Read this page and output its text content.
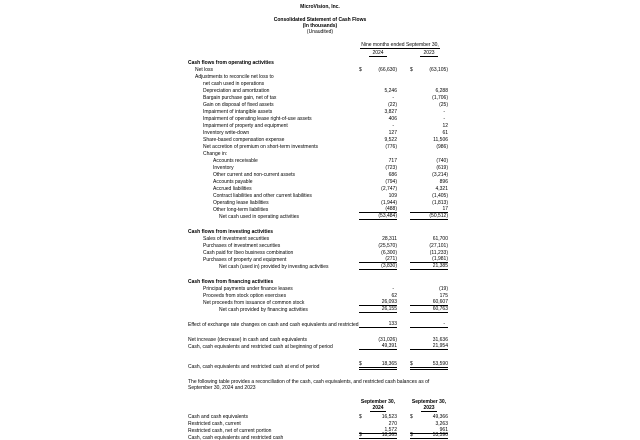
MicroVision, Inc.
Consolidated Statement of Cash Flows
(In thousands)
(Unaudited)
Nine months ended September 30,
2024	2023
Cash flows from operating activities
Net loss	$	(66,630)	$	(63,105)
Adjustments to reconcile net loss to
net cash used in operations
Depreciation and amortization	5,246	6,288
Bargain purchase gain, net of tax	-	(1,706)
Gain on disposal of fixed assets	(22)	(25)
Impairment of intangible assets	3,827	-
Impairment of operating lease right-of-use assets	406	-
Impairment of property and equipment	-	12
Inventory write-down	127	61
Share-based compensation expense	9,522	11,506
Net accretion of premium on short-term investments	(776)	(986)
Change in:
Accounts receivable	717	(740)
Inventory	(723)	(619)
Other current and non-current assets	686	(3,214)
Accounts payable	(794)	896
Accrued liabilities	(2,747)	4,321
Contract liabilities and other current liabilities	109	(1,405)
Operating lease liabilities	(1,944)	(1,813)
Other long-term liabilities	(488)	17
Net cash used in operating activities	(53,484)	(50,512)
Cash flows from investing activities
Sales of investment securities	28,311	61,700
Purchases of investment securities	(25,570)	(27,101)
Cash paid for Ibeo business combination	(6,300)	(11,233)
Purchases of property and equipment	(271)	(1,981)
Net cash (used in) provided by investing activities	(3,830)	21,385
Cash flows from financing activities
Principal payments under finance leases	-	(19)
Proceeds from stock option exercises	62	175
Net proceeds from issuance of common stock	26,093	60,607
Net cash provided by financing activities	26,155	60,763
Effect of exchange rate changes on cash and cash equivalents and restricted	133	-
Net increase (decrease) in cash and cash equivalents	(31,026)	31,636
Cash, cash equivalents and restricted cash at beginning of period	49,391	21,954
Cash, cash equivalents and restricted cash at end of period	$	18,365	$	53,590
The following table provides a reconciliation of the cash, cash equivalents, and restricted cash balances as of
September 30, 2024 and 2023
September 30,
2024
September 30,
2023
Cash and cash equivalents	$	16,523	$	49,366
Restricted cash, current	270	3,263
Restricted cash, net of current portion	1,572	961
Cash, cash equivalents and restricted cash	$	18,365	$	53,590
